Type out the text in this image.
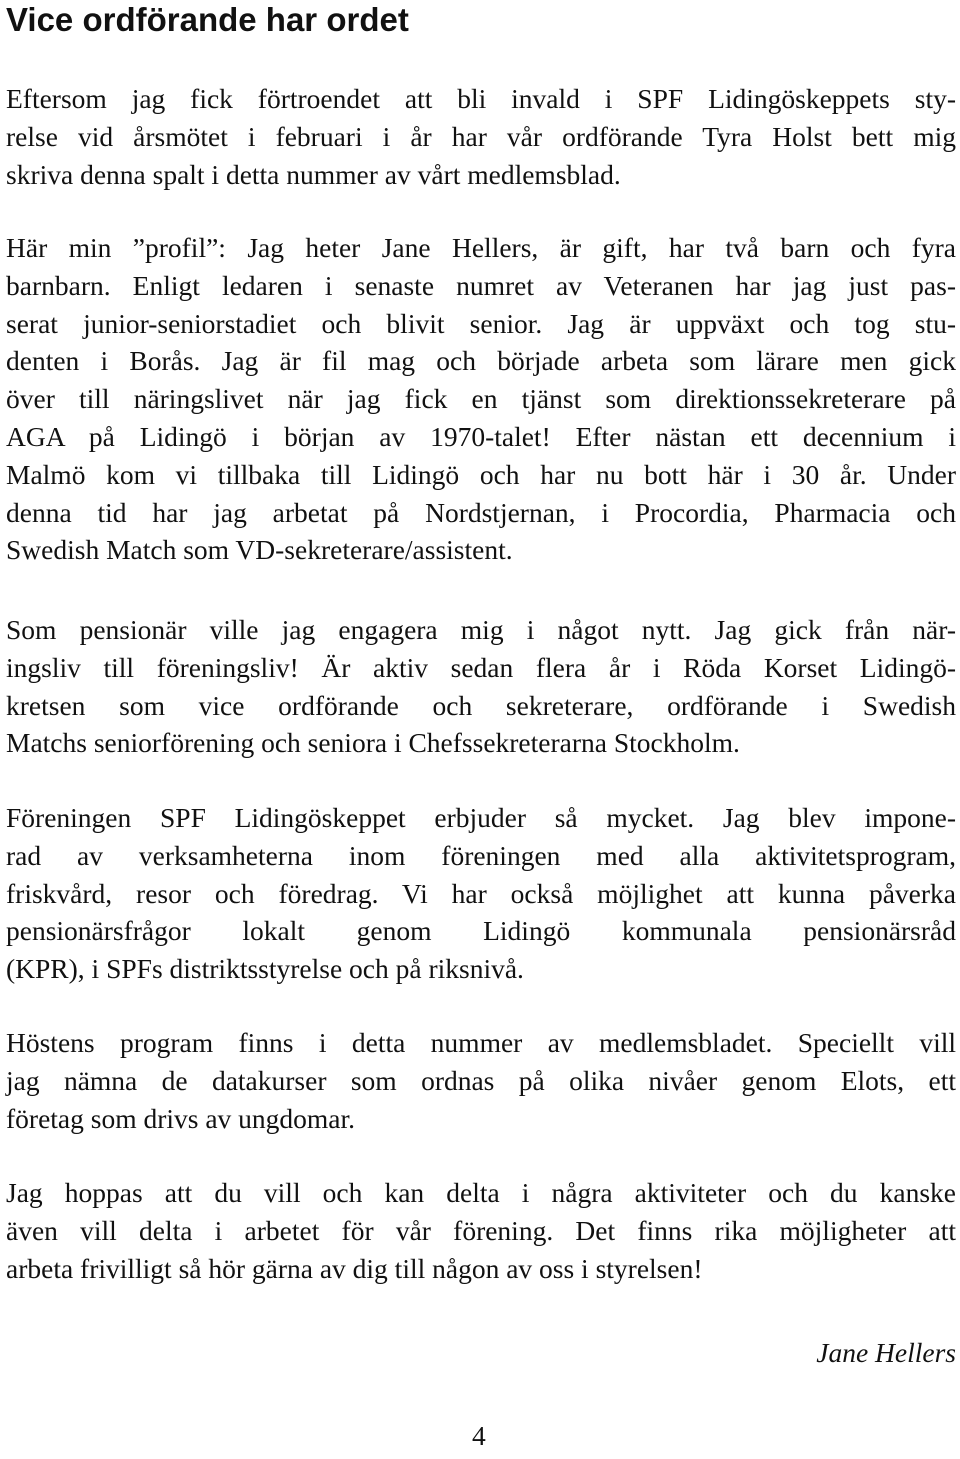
Vice ordförande har ordet

Eftersom jag fick förtroendet att bli invald i SPF Lidingöskeppets sty-
relse vid årsmötet i februari i år har vår ordförande Tyra Holst bett mig
skriva denna spalt i detta nummer av vårt medlemsblad.

Här min ”profil”: Jag heter Jane Hellers, är gift, har två barn och fyra
barnbarn. Enligt ledaren i senaste numret av Veteranen har jag just pas-
serat junior-seniorstadiet och blivit senior. Jag är uppväxt och tog stu-
denten i Borås. Jag är fil mag och började arbeta som lärare men gick
över till näringslivet när jag fick en tjänst som direktionssekreterare på
AGA på Lidingö i början av 1970-talet! Efter nästan ett decennium i
Malmö kom vi tillbaka till Lidingö och har nu bott här i 30 år. Under
denna tid har jag arbetat på Nordstjernan, i Procordia, Pharmacia och
Swedish Match som VD-sekreterare/assistent.

Som pensionär ville jag engagera mig i något nytt. Jag gick från när-
ingsliv till föreningsliv! Är aktiv sedan flera år i Röda Korset Lidingö-
kretsen som vice ordförande och sekreterare, ordförande i Swedish
Matchs seniorförening och seniora i Chefssekreterarna Stockholm.

Föreningen SPF Lidingöskeppet erbjuder så mycket. Jag blev impone-
rad av verksamheterna inom föreningen med alla aktivitetsprogram,
friskvård, resor och föredrag. Vi har också möjlighet att kunna påverka
pensionärsfrågor lokalt genom Lidingö kommunala pensionärsråd
(KPR), i SPFs distriktsstyrelse och på riksnivå.

Höstens program finns i detta nummer av medlemsbladet. Speciellt vill
jag nämna de datakurser som ordnas på olika nivåer genom Elots, ett
företag som drivs av ungdomar.

Jag hoppas att du vill och kan delta i några aktiviteter och du kanske
även vill delta i arbetet för vår förening. Det finns rika möjligheter att
arbeta frivilligt så hör gärna av dig till någon av oss i styrelsen!

Jane Hellers

4
